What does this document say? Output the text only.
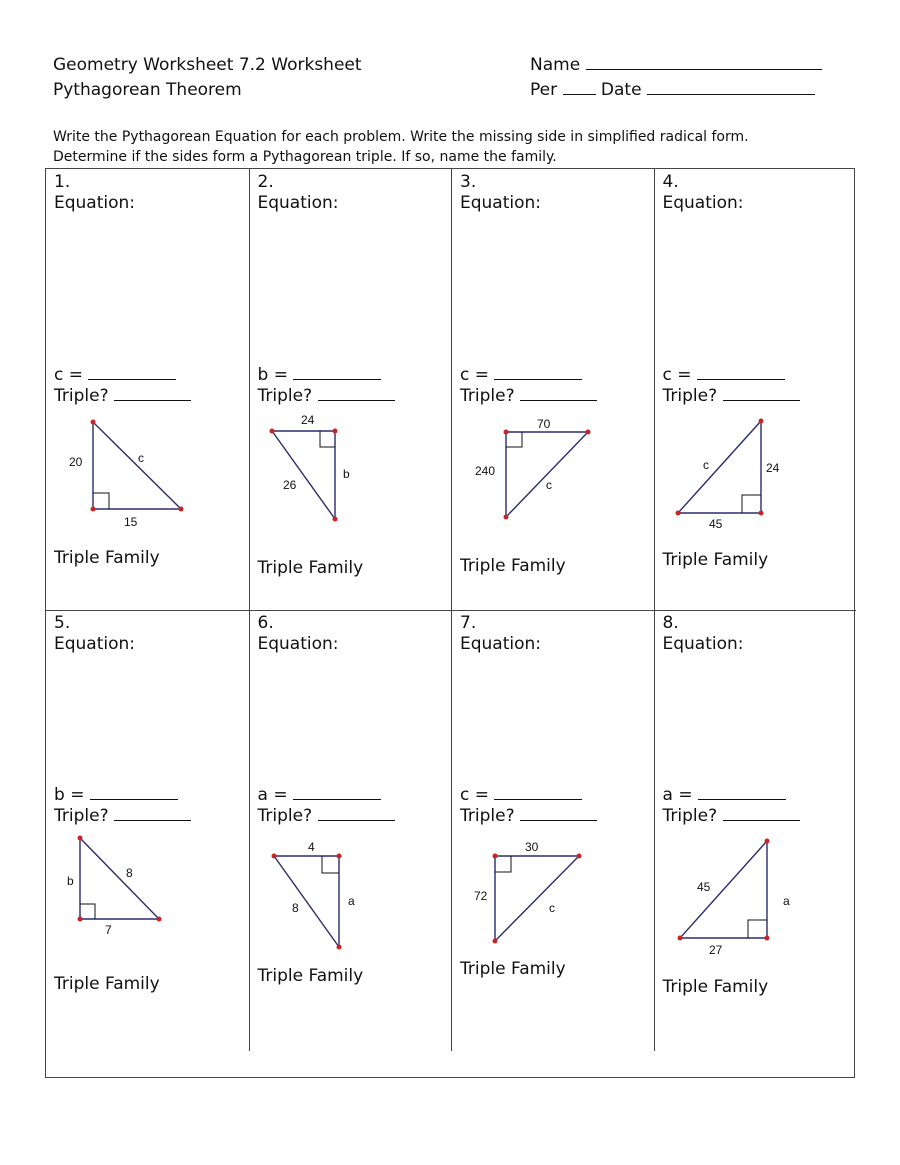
Geometry Worksheet 7.2 Worksheet
Pythagorean Theorem
Name
Per	Date
Write the Pythagorean Equation for each problem. Write the missing side in simplified radical form.
Determine if the sides form a Pythagorean triple. If so, name the family.
1.
Equation:
c =
Triple?
20	c
15
Triple Family
2.
Equation:
b =
Triple?
24
26
b
Triple Family
3.
Equation:
c =
Triple?
70
240
c
Triple Family
4.
Equation:
c =
Triple?
c	24
45
Triple Family
5.
Equation:
b =
Triple?
b
8
7
Triple Family
6.
Equation:
a =
Triple?
4
8	a
Triple Family
7.
Equation:
c =
Triple?
30
72
c
Triple Family
8.
Equation:
a =
Triple?
45
a
27
Triple Family
